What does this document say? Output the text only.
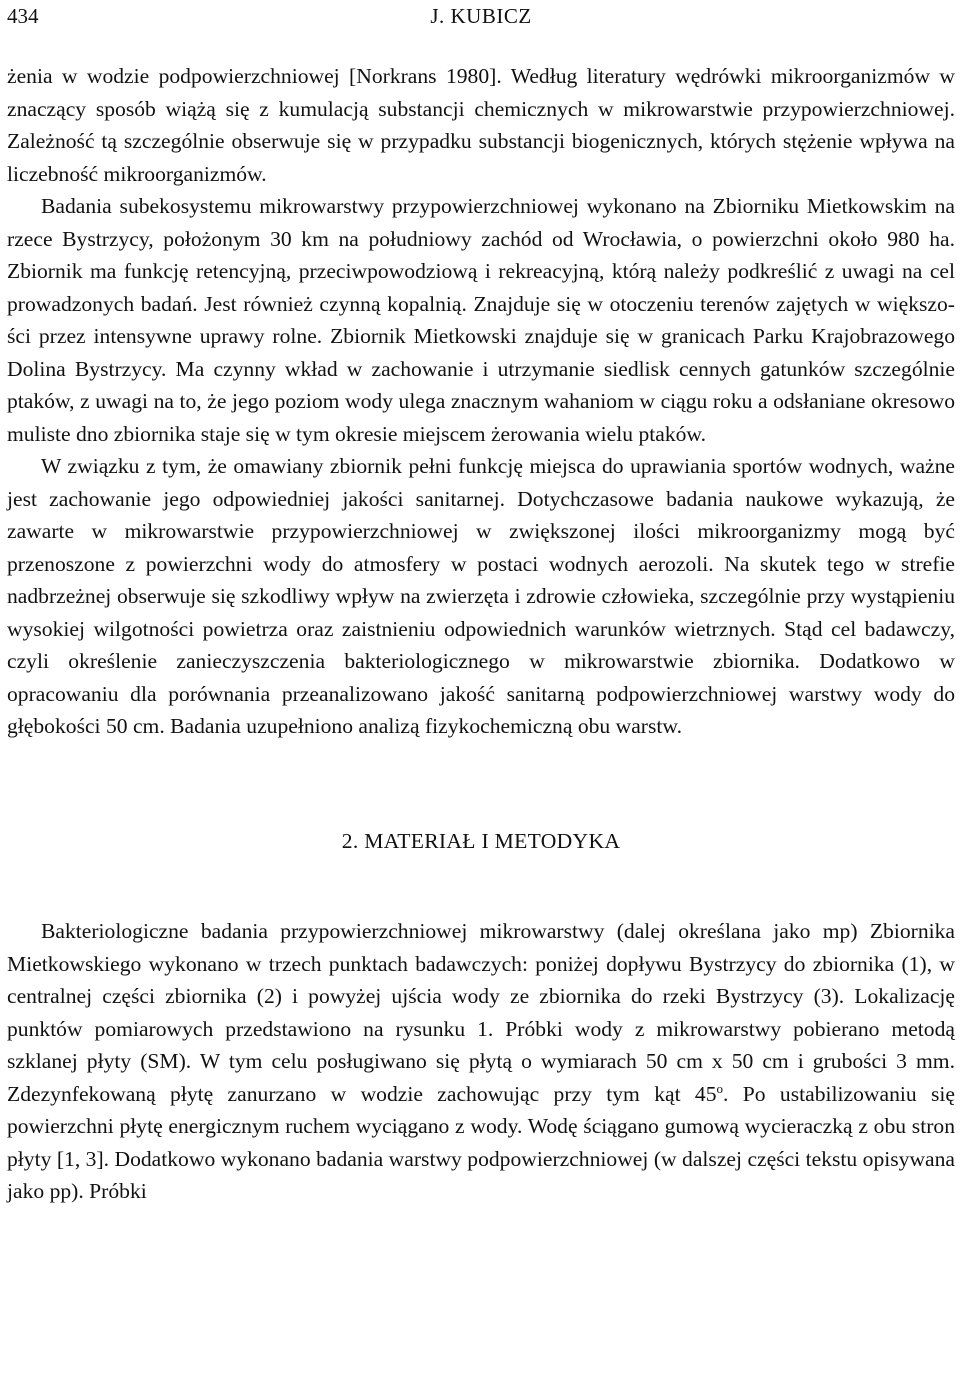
434	J. KUBICZ

żenia w wodzie podpowierzchniowej [Norkrans 1980]. Według literatury wędrówki mikroorganizmów w znaczący sposób wiążą się z kumulacją substancji chemicznych w mikrowarstwie przypowierzchniowej. Zależność tą szczególnie obserwuje się w przypadku substancji biogenicznych, których stężenie wpływa na liczebność mikroorganizmów.

Badania subekosystemu mikrowarstwy przypowierzchniowej wykonano na Zbiorniku Mietkowskim na rzece Bystrzycy, położonym 30 km na południowy zachód od Wrocławia, o powierzchni około 980 ha. Zbiornik ma funkcję retencyjną, przeciwpowodziową i rekreacyjną, którą należy podkreślić z uwagi na cel prowadzonych badań. Jest również czynną kopalnią. Znajduje się w otoczeniu terenów zajętych w większości przez intensywne uprawy rolne. Zbiornik Mietkowski znajduje się w granicach Parku Krajobrazowego Dolina Bystrzycy. Ma czynny wkład w zachowanie i utrzymanie siedlisk cennych gatunków szczególnie ptaków, z uwagi na to, że jego poziom wody ulega znacznym wahaniom w ciągu roku a odsłaniane okresowo muliste dno zbiornika staje się w tym okresie miejscem żerowania wielu ptaków.

W związku z tym, że omawiany zbiornik pełni funkcję miejsca do uprawiania sportów wodnych, ważne jest zachowanie jego odpowiedniej jakości sanitarnej. Dotychczasowe badania naukowe wykazują, że zawarte w mikrowarstwie przypowierzchniowej w zwiększonej ilości mikroorganizmy mogą być przenoszone z powierzchni wody do atmosfery w postaci wodnych aerozoli. Na skutek tego w strefie nadbrzeżnej obserwuje się szkodliwy wpływ na zwierzęta i zdrowie człowieka, szczególnie przy wystąpieniu wysokiej wilgotności powietrza oraz zaistnieniu odpowiednich warunków wietrznych. Stąd cel badawczy, czyli określenie zanieczyszczenia bakteriologicznego w mikrowarstwie zbiornika. Dodatkowo w opracowaniu dla porównania przeanalizowano jakość sanitarną podpowierzchniowej warstwy wody do głębokości 50 cm. Badania uzupełniono analizą fizykochemiczną obu warstw.

2. MATERIAŁ I METODYKA

Bakteriologiczne badania przypowierzchniowej mikrowarstwy (dalej określana jako mp) Zbiornika Mietkowskiego wykonano w trzech punktach badawczych: poniżej dopływu Bystrzycy do zbiornika (1), w centralnej części zbiornika (2) i powyżej ujścia wody ze zbiornika do rzeki Bystrzycy (3). Lokalizację punktów pomiarowych przedstawiono na rysunku 1. Próbki wody z mikrowarstwy pobierano metodą szklanej płyty (SM). W tym celu posługiwano się płytą o wymiarach 50 cm x 50 cm i grubości 3 mm. Zdezynfekowaną płytę zanurzano w wodzie zachowując przy tym kąt 45$^o$. Po ustabilizowaniu się powierzchni płytę energicznym ruchem wyciągano z wody. Wodę ściągano gumową wycieraczką z obu stron płyty [1, 3]. Dodatkowo wykonano badania warstwy podpowierzchniowej (w dalszej części tekstu opisywana jako pp). Próbki
